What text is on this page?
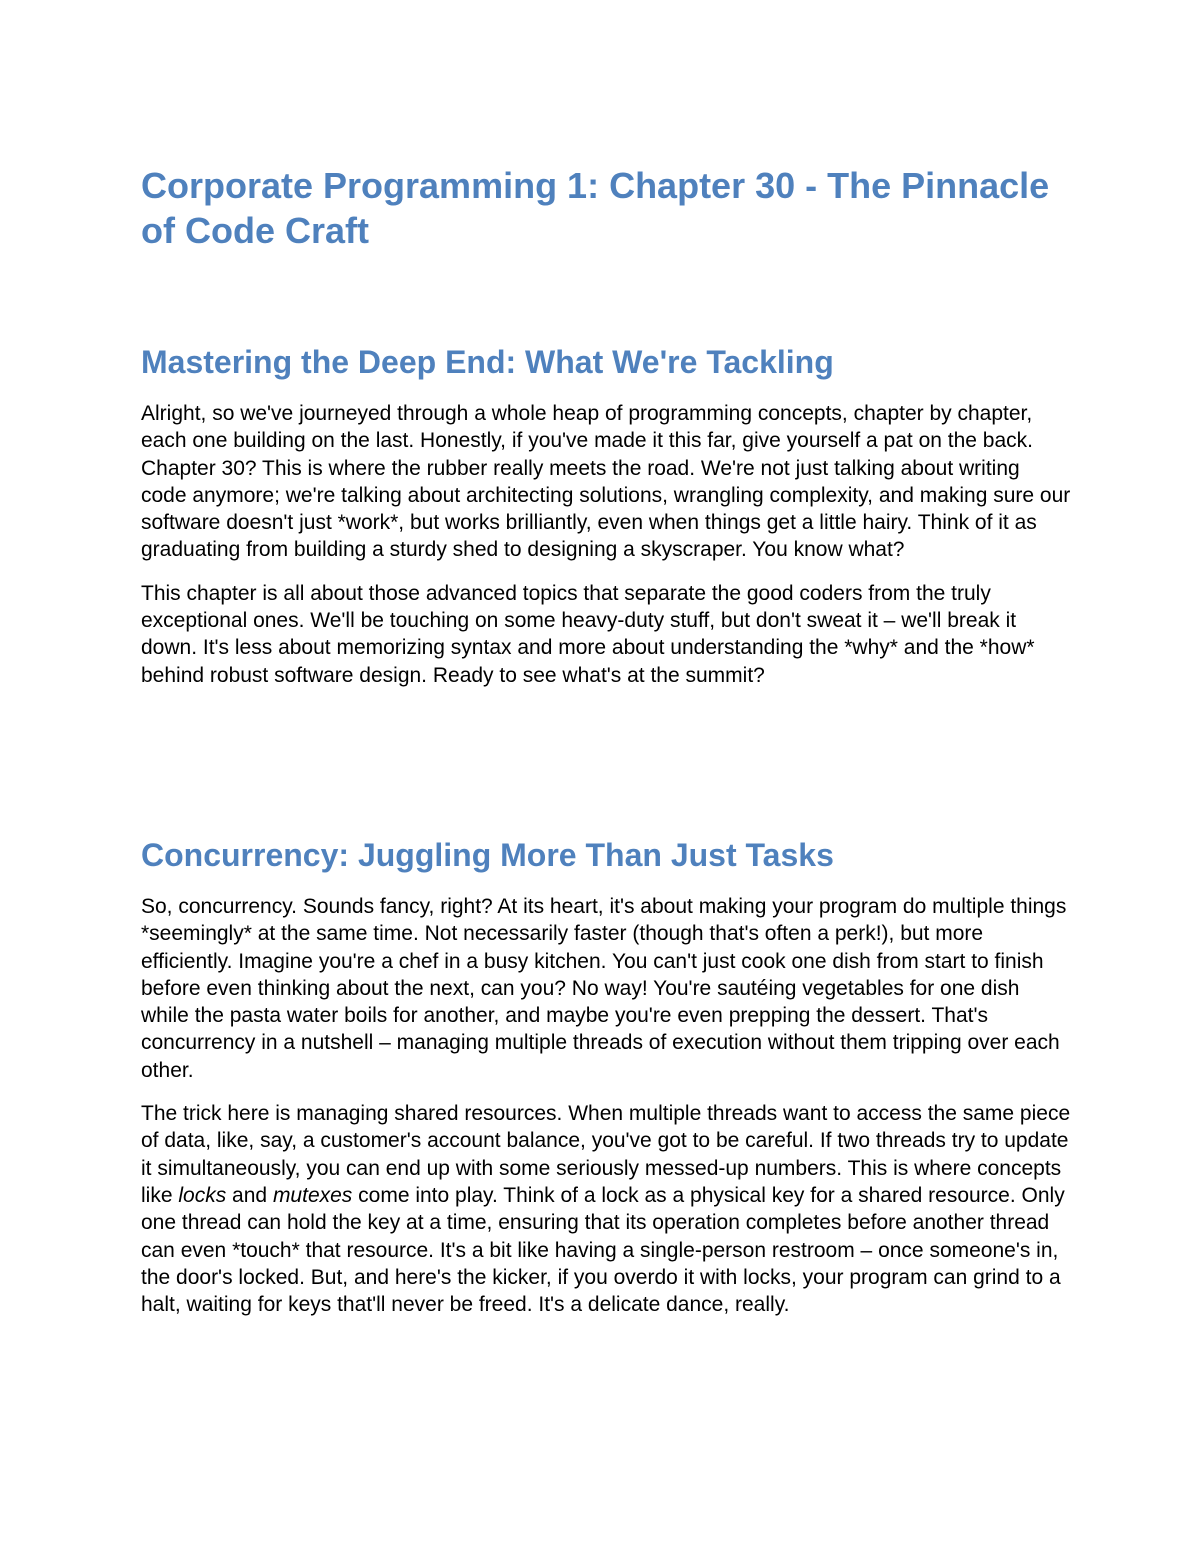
Corporate Programming 1: Chapter 30 - The Pinnacle of Code Craft
Mastering the Deep End: What We're Tackling

Alright, so we've journeyed through a whole heap of programming concepts, chapter by chapter, each one building on the last. Honestly, if you've made it this far, give yourself a pat on the back. Chapter 30? This is where the rubber really meets the road. We're not just talking about writing code anymore; we're talking about architecting solutions, wrangling complexity, and making sure our software doesn't just *work*, but works brilliantly, even when things get a little hairy. Think of it as graduating from building a sturdy shed to designing a skyscraper. You know what?

This chapter is all about those advanced topics that separate the good coders from the truly exceptional ones. We'll be touching on some heavy-duty stuff, but don't sweat it – we'll break it down. It's less about memorizing syntax and more about understanding the *why* and the *how* behind robust software design. Ready to see what's at the summit?

Concurrency: Juggling More Than Just Tasks

So, concurrency. Sounds fancy, right? At its heart, it's about making your program do multiple things *seemingly* at the same time. Not necessarily faster (though that's often a perk!), but more efficiently. Imagine you're a chef in a busy kitchen. You can't just cook one dish from start to finish before even thinking about the next, can you? No way! You're sautéing vegetables for one dish while the pasta water boils for another, and maybe you're even prepping the dessert. That's concurrency in a nutshell – managing multiple threads of execution without them tripping over each other.

The trick here is managing shared resources. When multiple threads want to access the same piece of data, like, say, a customer's account balance, you've got to be careful. If two threads try to update it simultaneously, you can end up with some seriously messed-up numbers. This is where concepts like locks and mutexes come into play. Think of a lock as a physical key for a shared resource. Only one thread can hold the key at a time, ensuring that its operation completes before another thread can even *touch* that resource. It's a bit like having a single-person restroom – once someone's in, the door's locked. But, and here's the kicker, if you overdo it with locks, your program can grind to a halt, waiting for keys that'll never be freed. It's a delicate dance, really.
